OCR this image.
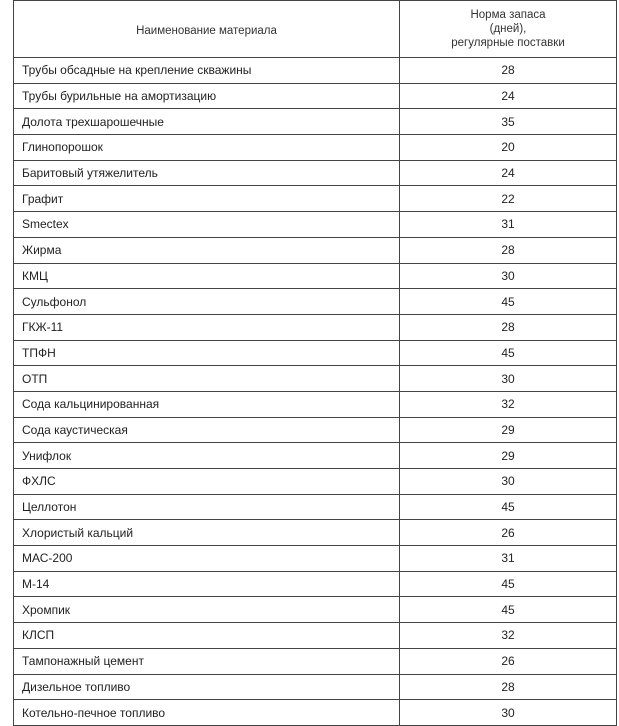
Наименование материала	Норма запаса
(дней),
регулярные поставки

Трубы обсадные на крепление скважины	28
Трубы бурильные на амортизацию	24
Долота трехшарошечные	35
Глинопорошок	20
Баритовый утяжелитель	24
Графит	22
Smectex	31
Жирма	28
КМЦ	30
Сульфонол	45
ГКЖ-11	28
ТПФН	45
ОТП	30
Сода кальцинированная	32
Сода каустическая	29
Унифлок	29
ФХЛС	30
Целлотон	45
Хлористый кальций	26
МАС-200	31
М-14	45
Хромпик	45
КЛСП	32
Тампонажный цемент	26
Дизельное топливо	28
Котельно-печное топливо	30
